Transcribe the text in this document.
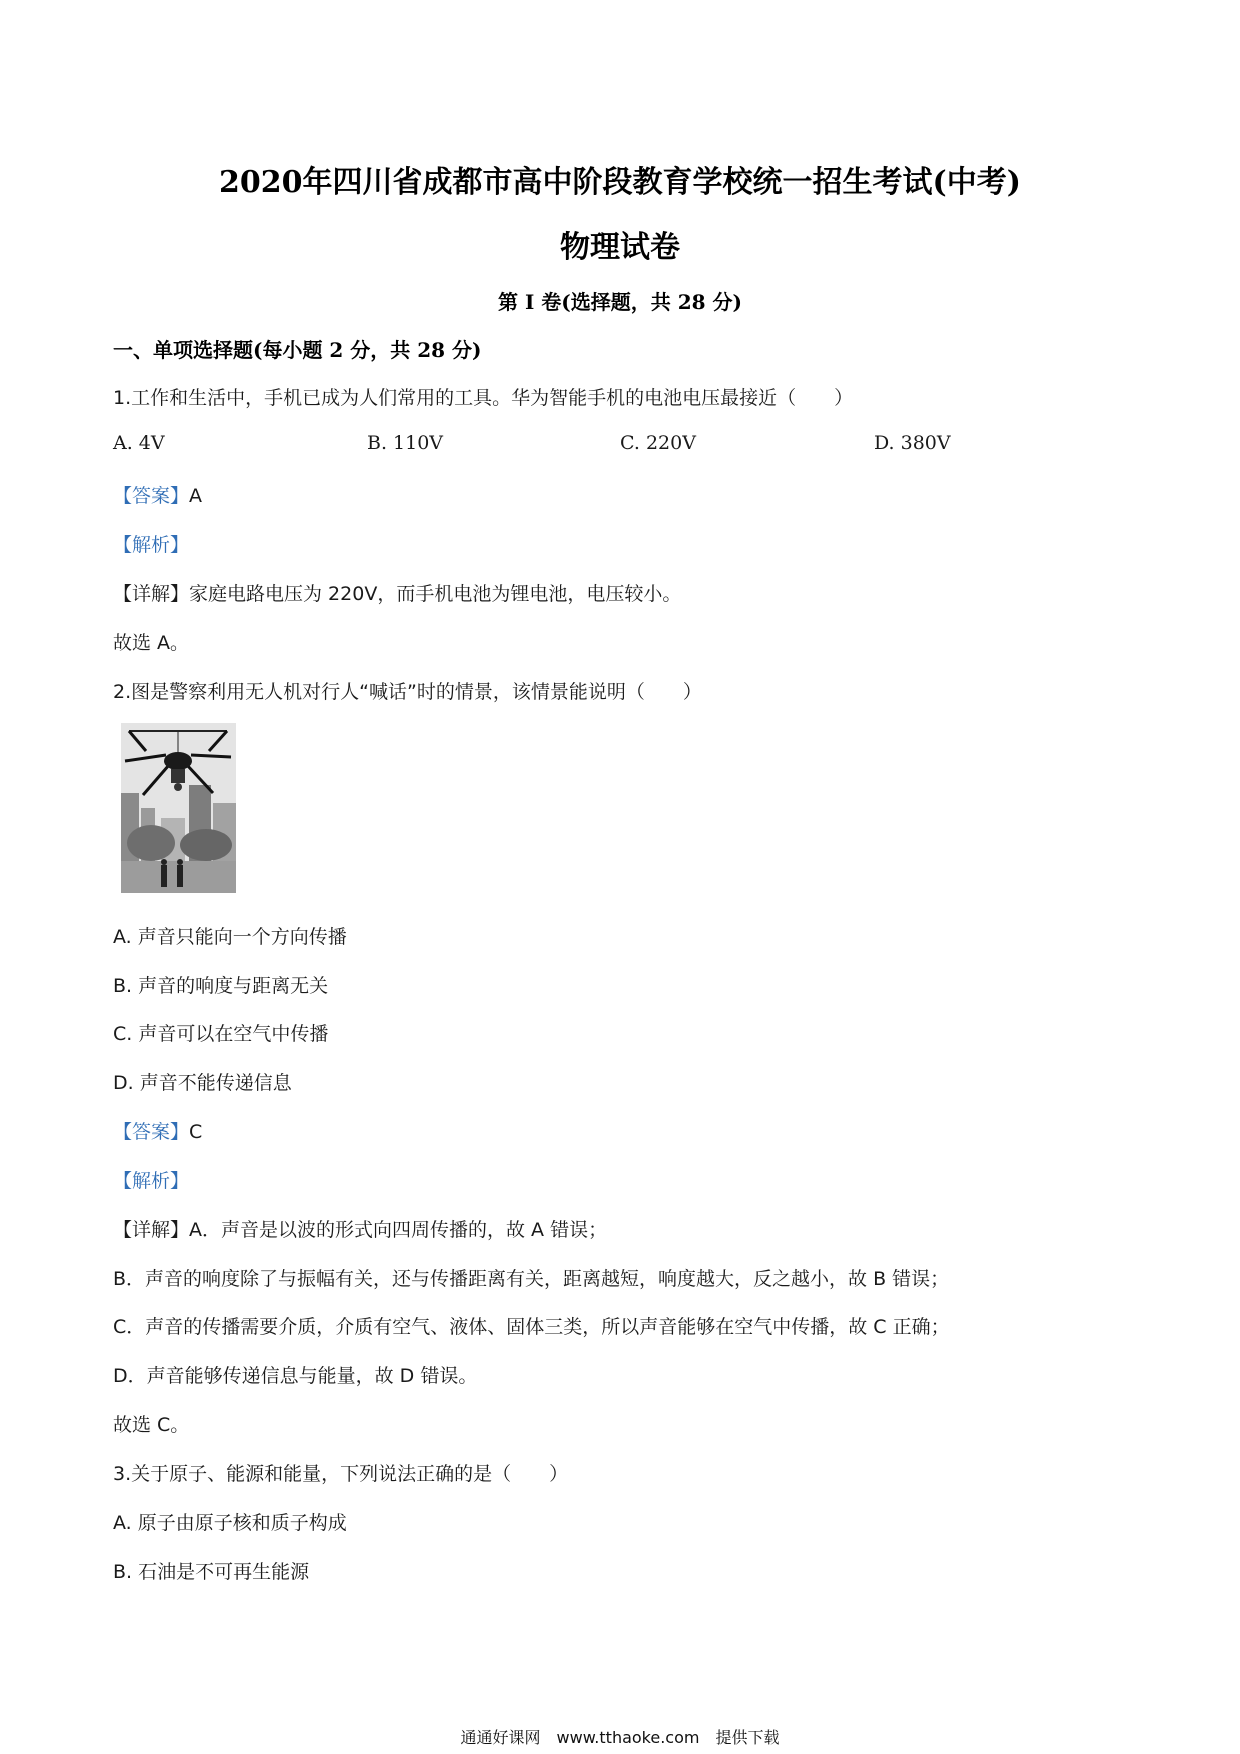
2020年四川省成都市高中阶段教育学校统一招生考试(中考)
物理试卷
第 I 卷(选择题，共 28 分)
一、单项选择题(每小题 2 分，共 28 分)
1.工作和生活中，手机已成为人们常用的工具。华为智能手机的电池电压最接近（　　）
A. 4V	B. 110V	C. 220V	D. 380V
【答案】A
【解析】
【详解】家庭电路电压为 220V，而手机电池为锂电池，电压较小。
故选 A。
2.图是警察利用无人机对行人“喊话”时的情景，该情景能说明（　　）
A. 声音只能向一个方向传播
B. 声音的响度与距离无关
C. 声音可以在空气中传播
D. 声音不能传递信息
【答案】C
【解析】
【详解】A．声音是以波的形式向四周传播的，故 A 错误；
B．声音的响度除了与振幅有关，还与传播距离有关，距离越短，响度越大，反之越小，故 B 错误；
C．声音的传播需要介质，介质有空气、液体、固体三类，所以声音能够在空气中传播，故 C 正确；
D．声音能够传递信息与能量，故 D 错误。
故选 C。
3.关于原子、能源和能量，下列说法正确的是（　　）
A. 原子由原子核和质子构成
B. 石油是不可再生能源
通通好课网　www.tthaoke.com　提供下载
